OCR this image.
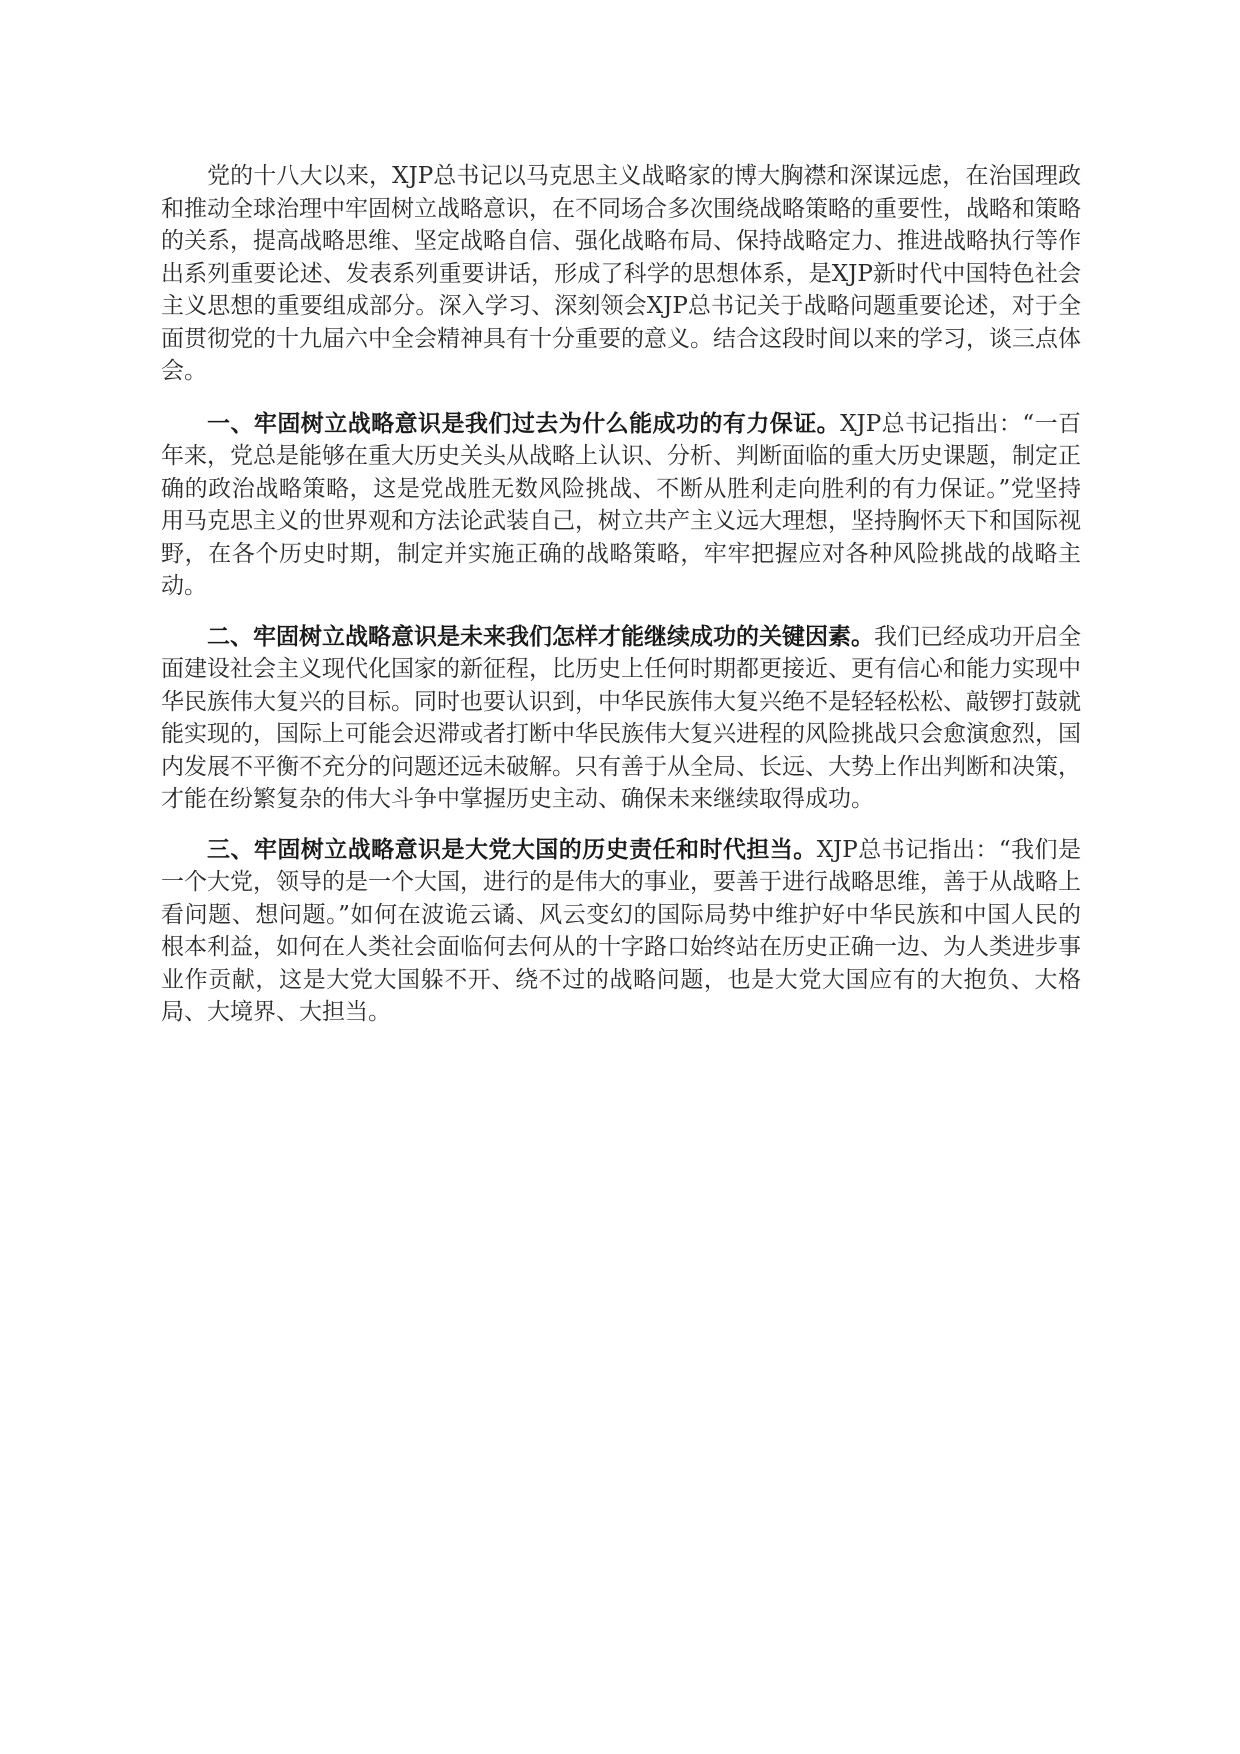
党的十八大以来，XJP总书记以马克思主义战略家的博大胸襟和深谋远虑，在治国理政和推动全球治理中牢固树立战略意识，在不同场合多次围绕战略策略的重要性，战略和策略的关系，提高战略思维、坚定战略自信、强化战略布局、保持战略定力、推进战略执行等作出系列重要论述、发表系列重要讲话，形成了科学的思想体系，是XJP新时代中国特色社会主义思想的重要组成部分。深入学习、深刻领会XJP总书记关于战略问题重要论述，对于全面贯彻党的十九届六中全会精神具有十分重要的意义。结合这段时间以来的学习，谈三点体会。

一、牢固树立战略意识是我们过去为什么能成功的有力保证。XJP总书记指出：“一百年来，党总是能够在重大历史关头从战略上认识、分析、判断面临的重大历史课题，制定正确的政治战略策略，这是党战胜无数风险挑战、不断从胜利走向胜利的有力保证。”党坚持用马克思主义的世界观和方法论武装自己，树立共产主义远大理想，坚持胸怀天下和国际视野，在各个历史时期，制定并实施正确的战略策略，牢牢把握应对各种风险挑战的战略主动。

二、牢固树立战略意识是未来我们怎样才能继续成功的关键因素。我们已经成功开启全面建设社会主义现代化国家的新征程，比历史上任何时期都更接近、更有信心和能力实现中华民族伟大复兴的目标。同时也要认识到，中华民族伟大复兴绝不是轻轻松松、敲锣打鼓就能实现的，国际上可能会迟滞或者打断中华民族伟大复兴进程的风险挑战只会愈演愈烈，国内发展不平衡不充分的问题还远未破解。只有善于从全局、长远、大势上作出判断和决策，才能在纷繁复杂的伟大斗争中掌握历史主动、确保未来继续取得成功。

三、牢固树立战略意识是大党大国的历史责任和时代担当。XJP总书记指出：“我们是一个大党，领导的是一个大国，进行的是伟大的事业，要善于进行战略思维，善于从战略上看问题、想问题。”如何在波诡云谲、风云变幻的国际局势中维护好中华民族和中国人民的根本利益，如何在人类社会面临何去何从的十字路口始终站在历史正确一边、为人类进步事业作贡献，这是大党大国躲不开、绕不过的战略问题，也是大党大国应有的大抱负、大格局、大境界、大担当。
